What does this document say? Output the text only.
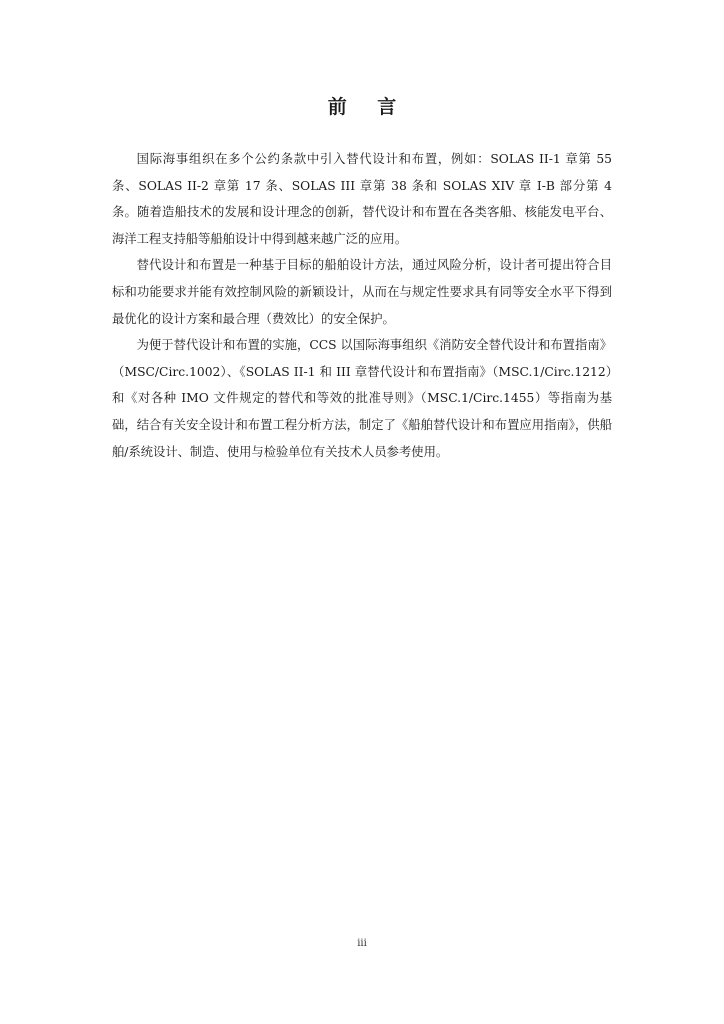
前 言

国际海事组织在多个公约条款中引入替代设计和布置，例如：SOLAS II-1 章第 55 条、SOLAS II-2 章第 17 条、SOLAS III 章第 38 条和 SOLAS XIV 章 I-B 部分第 4 条。随着造船技术的发展和设计理念的创新，替代设计和布置在各类客船、核能发电平台、海洋工程支持船等船舶设计中得到越来越广泛的应用。

替代设计和布置是一种基于目标的船舶设计方法，通过风险分析，设计者可提出符合目标和功能要求并能有效控制风险的新颖设计，从而在与规定性要求具有同等安全水平下得到最优化的设计方案和最合理（费效比）的安全保护。

为便于替代设计和布置的实施，CCS 以国际海事组织《消防安全替代设计和布置指南》（MSC/Circ.1002）、《SOLAS II-1 和 III 章替代设计和布置指南》（MSC.1/Circ.1212）和《对各种 IMO 文件规定的替代和等效的批准导则》（MSC.1/Circ.1455）等指南为基础，结合有关安全设计和布置工程分析方法，制定了《船舶替代设计和布置应用指南》，供船舶/系统设计、制造、使用与检验单位有关技术人员参考使用。

iii
